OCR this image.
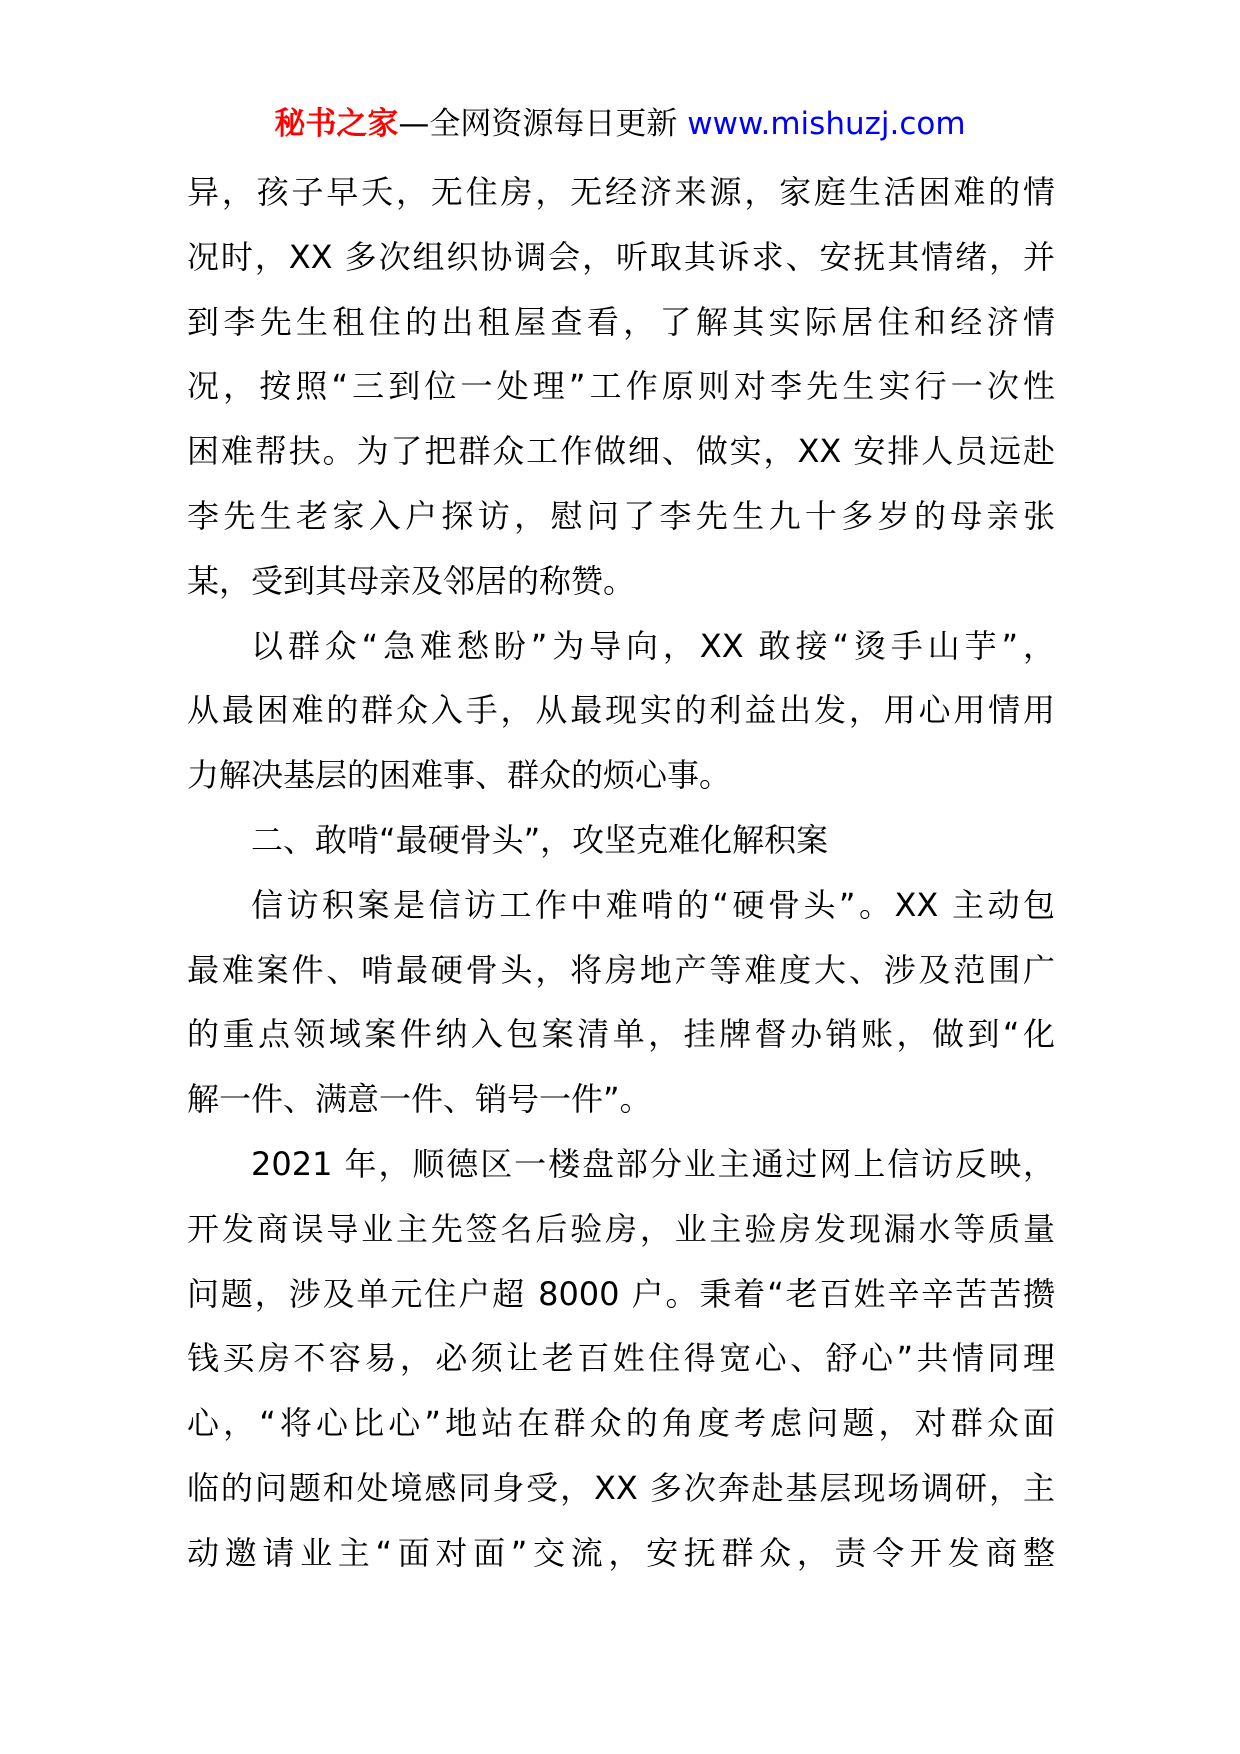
秘书之家—全网资源每日更新 www.mishuzj.com
异，孩子早夭，无住房，无经济来源，家庭生活困难的情
况时，XX 多次组织协调会，听取其诉求、安抚其情绪，并
到李先生租住的出租屋查看，了解其实际居住和经济情
况，按照“三到位一处理”工作原则对李先生实行一次性
困难帮扶。为了把群众工作做细、做实，XX 安排人员远赴
李先生老家入户探访，慰问了李先生九十多岁的母亲张
某，受到其母亲及邻居的称赞。
以群众“急难愁盼”为导向，XX 敢接“烫手山芋”，
从最困难的群众入手，从最现实的利益出发，用心用情用
力解决基层的困难事、群众的烦心事。
二、敢啃“最硬骨头”，攻坚克难化解积案
信访积案是信访工作中难啃的“硬骨头”。XX 主动包
最难案件、啃最硬骨头，将房地产等难度大、涉及范围广
的重点领域案件纳入包案清单，挂牌督办销账，做到“化
解一件、满意一件、销号一件”。
2021 年，顺德区一楼盘部分业主通过网上信访反映，
开发商误导业主先签名后验房，业主验房发现漏水等质量
问题，涉及单元住户超 8000 户。秉着“老百姓辛辛苦苦攒
钱买房不容易，必须让老百姓住得宽心、舒心”共情同理
心，“将心比心”地站在群众的角度考虑问题，对群众面
临的问题和处境感同身受，XX 多次奔赴基层现场调研，主
动邀请业主“面对面”交流，安抚群众，责令开发商整
